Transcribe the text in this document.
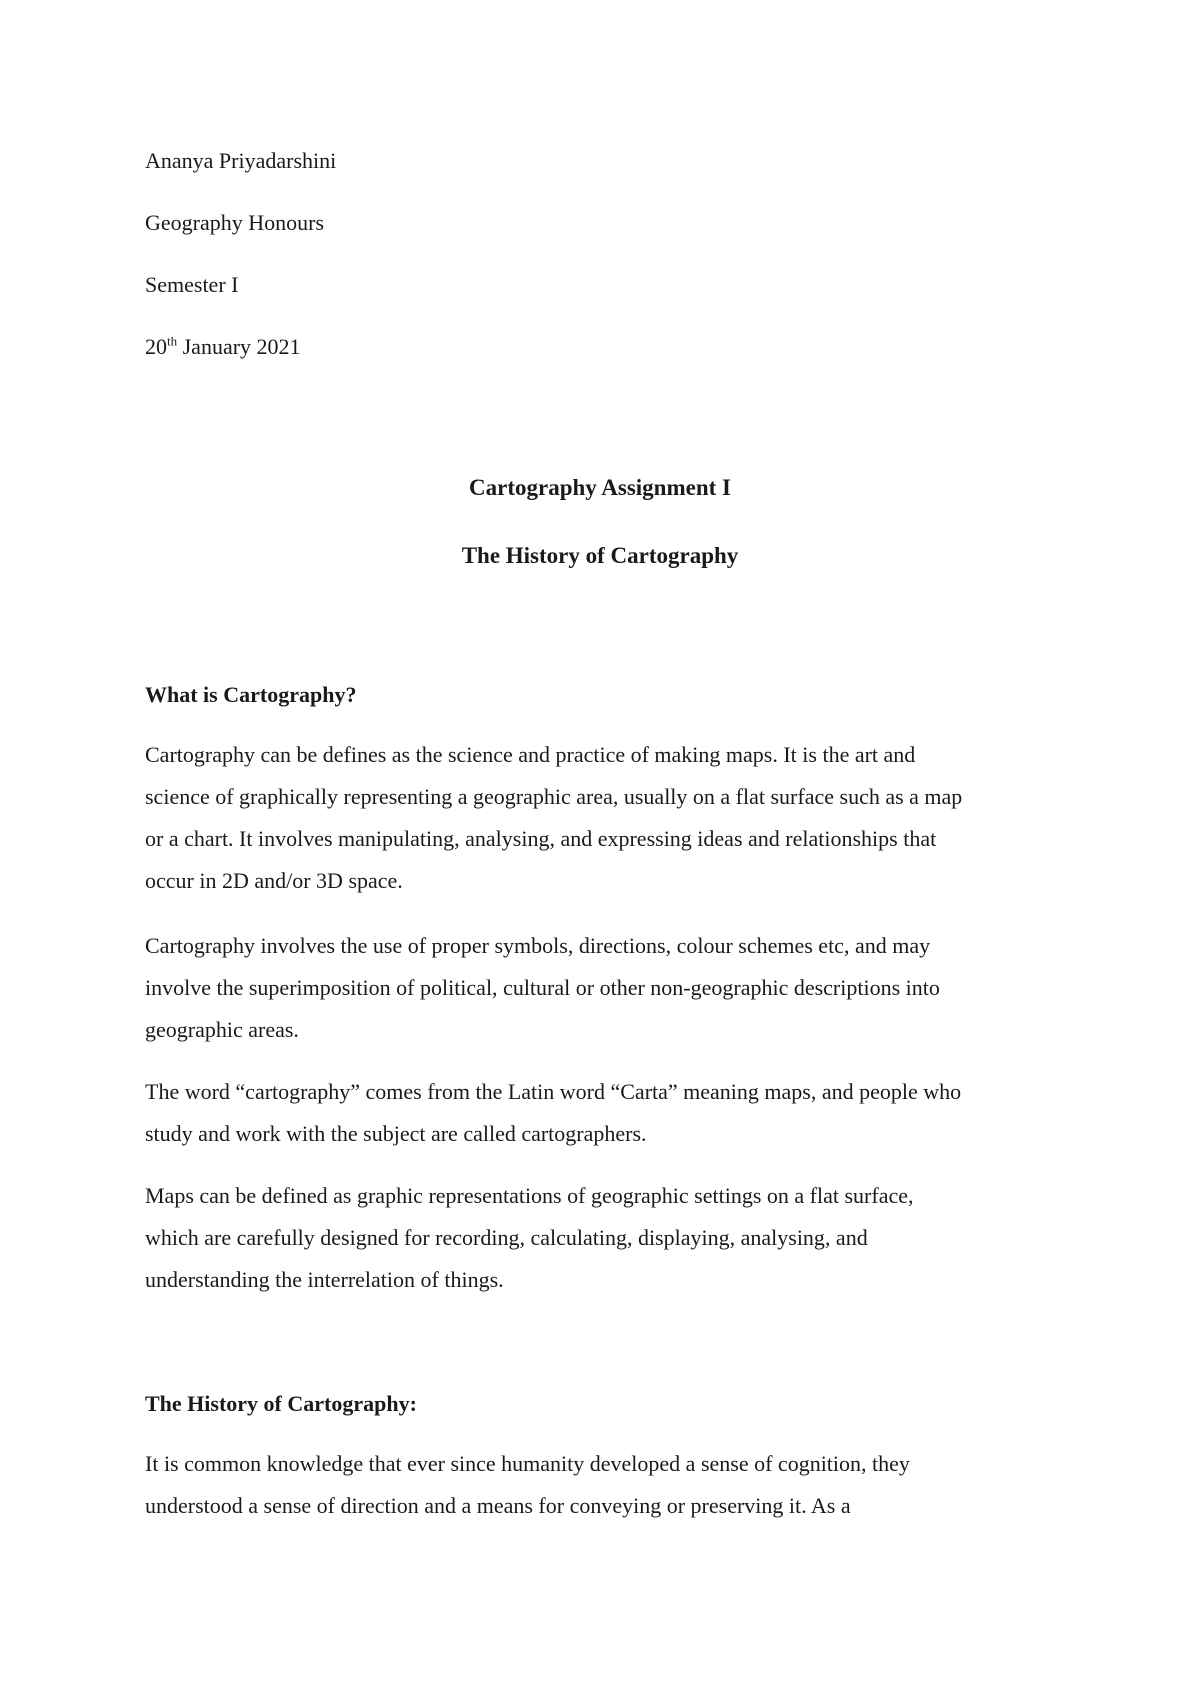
Ananya Priyadarshini
Geography Honours
Semester I
20th January 2021
Cartography Assignment I
The History of Cartography
What is Cartography?

Cartography can be defines as the science and practice of making maps. It is the art and
science of graphically representing a geographic area, usually on a flat surface such as a map
or a chart. It involves manipulating, analysing, and expressing ideas and relationships that
occur in 2D and/or 3D space.

Cartography involves the use of proper symbols, directions, colour schemes etc, and may
involve the superimposition of political, cultural or other non-geographic descriptions into
geographic areas.

The word “cartography” comes from the Latin word “Carta” meaning maps, and people who
study and work with the subject are called cartographers.

Maps can be defined as graphic representations of geographic settings on a flat surface,
which are carefully designed for recording, calculating, displaying, analysing, and
understanding the interrelation of things.

The History of Cartography:

It is common knowledge that ever since humanity developed a sense of cognition, they
understood a sense of direction and a means for conveying or preserving it. As a
